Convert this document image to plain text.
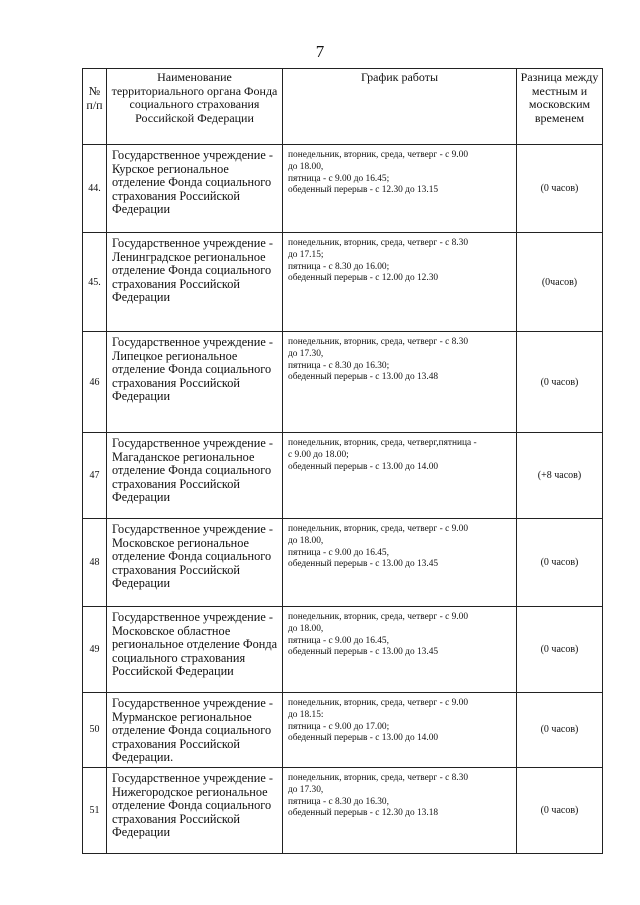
7
№ п/п	Наименование территориального органа Фонда социального страхования Российской Федерации	График работы	Разница между местным и московским временем

44.	Государственное учреждение - Курское региональное отделение Фонда социального страхования Российской Федерации	понедельник, вторник, среда, четверг - с 9.00
до 18.00,
пятница - с 9.00 до 16.45;
обеденный перерыв - с 12.30 до 13.15	(0 часов)
45.	Государственное учреждение - Ленинградское региональное отделение Фонда социального страхования Российской Федерации	понедельник, вторник, среда, четверг - с 8.30
до 17.15;
пятница - с 8.30 до 16.00;
обеденный перерыв - с 12.00 до 12.30	(0часов)
46	Государственное учреждение - Липецкое региональное отделение Фонда социального страхования Российской Федерации	понедельник, вторник, среда, четверг - с 8.30
до 17.30,
пятница - с 8.30 до 16.30;
обеденный перерыв - с 13.00 до 13.48	(0 часов)
47	Государственное учреждение - Магаданское региональное отделение Фонда социального страхования Российской Федерации	понедельник, вторник, среда, четверг,пятница -
с 9.00 до 18.00;
обеденный перерыв - с 13.00 до 14.00	(+8 часов)
48	Государственное учреждение - Московское региональное отделение Фонда социального страхования Российской Федерации	понедельник, вторник, среда, четверг - с 9.00
до 18.00,
пятница - с 9.00 до 16.45,
обеденный перерыв - с 13.00 до 13.45	(0 часов)
49	Государственное учреждение - Московское областное региональное отделение Фонда социального страхования Российской Федерации	понедельник, вторник, среда, четверг - с 9.00
до 18.00,
пятница - с 9.00 до 16.45,
обеденный перерыв - с 13.00 до 13.45	(0 часов)
50	Государственное учреждение - Мурманское региональное отделение Фонда социального страхования Российской Федерации.	понедельник, вторник, среда, четверг - с 9.00
до 18.15:
пятница - с 9.00 до 17.00;
обеденный перерыв - с 13.00 до 14.00	(0 часов)
51	Государственное учреждение - Нижегородское региональное отделение Фонда социального страхования Российской Федерации	понедельник, вторник, среда, четверг - с 8.30
до 17.30,
пятница - с 8.30 до 16.30,
обеденный перерыв - с 12.30 до 13.18	(0 часов)
